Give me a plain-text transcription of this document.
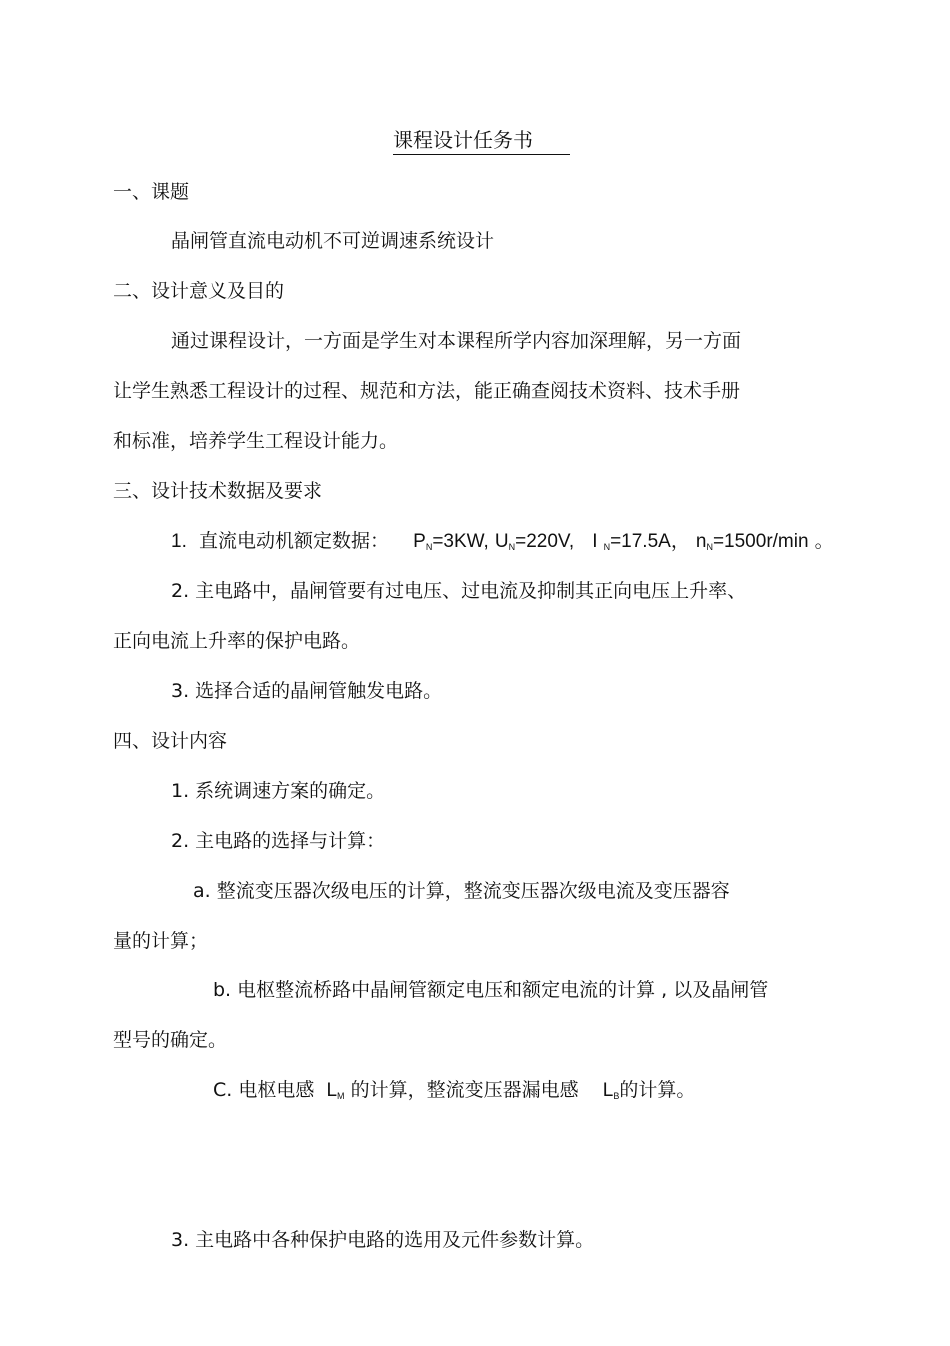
课程设计任务书

一、课题

晶闸管直流电动机不可逆调速系统设计

二、设计意义及目的

通过课程设计，一方面是学生对本课程所学内容加深理解，另一方面

让学生熟悉工程设计的过程、规范和方法，能正确查阅技术资料、技术手册

和标准，培养学生工程设计能力。

三、设计技术数据及要求

1. 直流电动机额定数据： $P_N=3KW$, $U_N=220V$, I $_N$=17.5A， $n_N=1500r/\min$ 。

2. 主电路中，晶闸管要有过电压、过电流及抑制其正向电压上升率、

正向电流上升率的保护电路。

3. 选择合适的晶闸管触发电路。

四、设计内容

1. 系统调速方案的确定。

2. 主电路的选择与计算：

a. 整流变压器次级电压的计算，整流变压器次级电流及变压器容

量的计算；

b. 电枢整流桥路中晶闸管额定电压和额定电流的计算 , 以及晶闸管

型号的确定。

C. 电枢电感 $L_M$ 的计算，整流变压器漏电感 $L_B$的计算。

3. 主电路中各种保护电路的选用及元件参数计算。
